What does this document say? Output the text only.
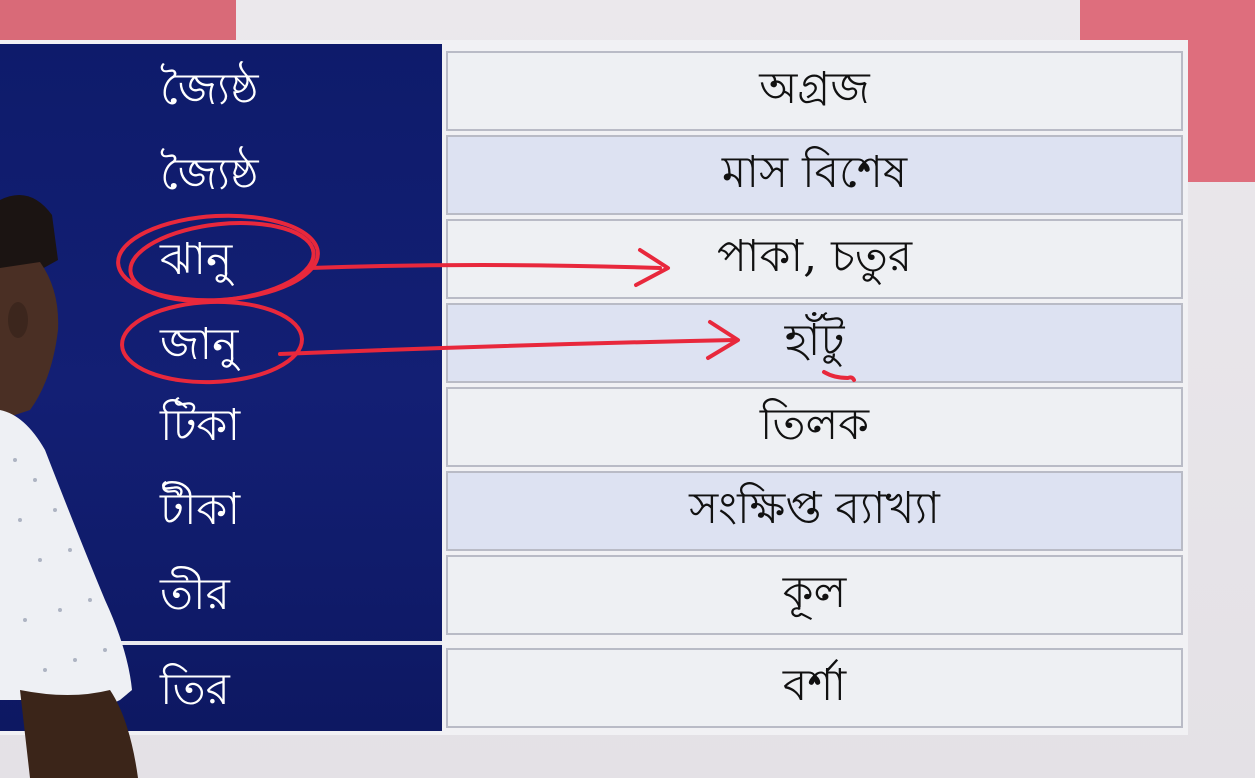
জ্যৈষ্ঠ
জ্যৈষ্ঠ
ঝানু
জানু
টিকা
টীকা
তীর
তির
অগ্রজ
মাস বিশেষ
পাকা, চতুর
হাঁটু
তিলক
সংক্ষিপ্ত ব্যাখ্যা
কূল
বর্শা
